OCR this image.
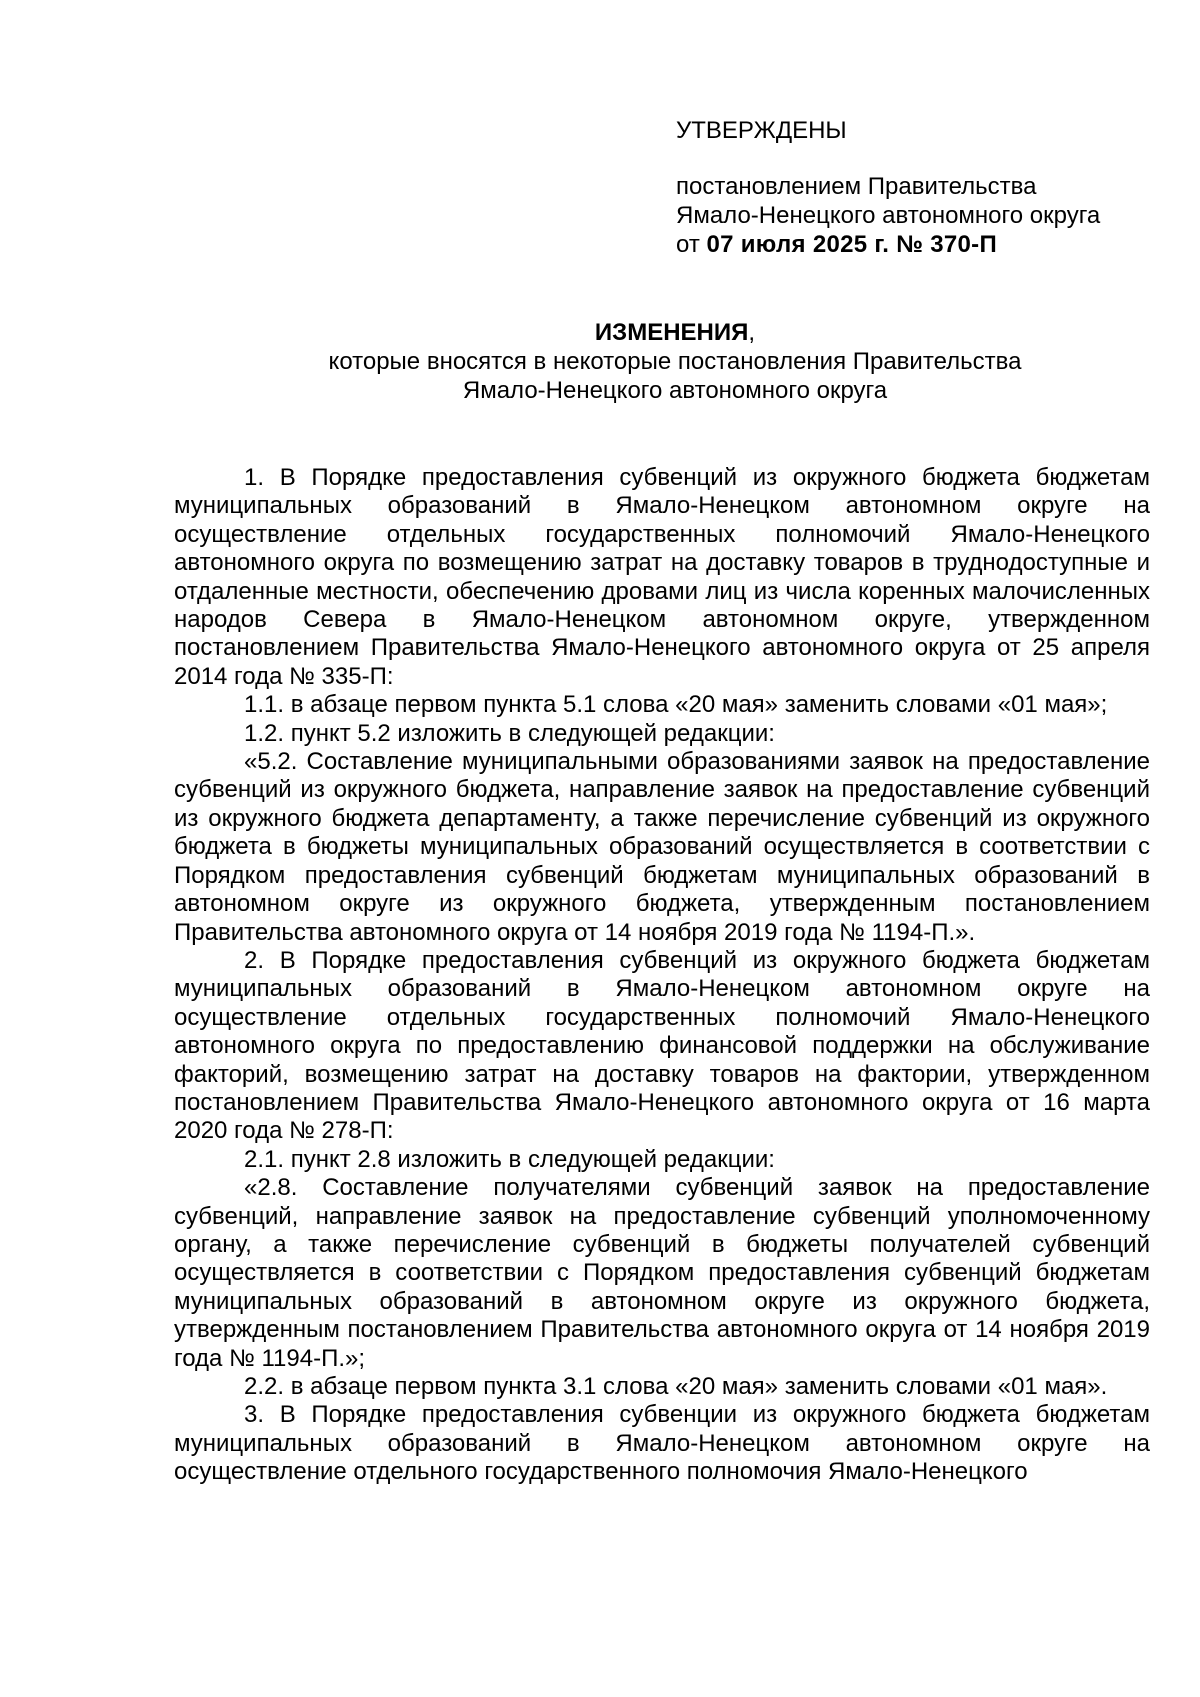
УТВЕРЖДЕНЫ
постановлением Правительства
Ямало-Ненецкого автономного округа
от 07 июля 2025 г. № 370-П
ИЗМЕНЕНИЯ,
которые вносятся в некоторые постановления Правительства
Ямало-Ненецкого автономного округа

1. В Порядке предоставления субвенций из окружного бюджета бюджетам муниципальных образований в Ямало-Ненецком автономном округе на осуществление отдельных государственных полномочий Ямало-Ненецкого автономного округа по возмещению затрат на доставку товаров в труднодоступные и отдаленные местности, обеспечению дровами лиц из числа коренных малочисленных народов Севера в Ямало-Ненецком автономном округе, утвержденном постановлением Правительства Ямало-Ненецкого автономного округа от 25 апреля 2014 года № 335-П:

1.1. в абзаце первом пункта 5.1 слова «20 мая» заменить словами «01 мая»;

1.2. пункт 5.2 изложить в следующей редакции:

«5.2. Составление муниципальными образованиями заявок на предоставление субвенций из окружного бюджета, направление заявок на предоставление субвенций из окружного бюджета департаменту, а также перечисление субвенций из окружного бюджета в бюджеты муниципальных образований осуществляется в соответствии с Порядком предоставления субвенций бюджетам муниципальных образований в автономном округе из окружного бюджета, утвержденным постановлением Правительства автономного округа от 14 ноября 2019 года № 1194-П.».

2. В Порядке предоставления субвенций из окружного бюджета бюджетам муниципальных образований в Ямало-Ненецком автономном округе на осуществление отдельных государственных полномочий Ямало-Ненецкого автономного округа по предоставлению финансовой поддержки на обслуживание факторий, возмещению затрат на доставку товаров на фактории, утвержденном постановлением Правительства Ямало-Ненецкого автономного округа от 16 марта 2020 года № 278-П:

2.1. пункт 2.8 изложить в следующей редакции:

«2.8. Составление получателями субвенций заявок на предоставление субвенций, направление заявок на предоставление субвенций уполномоченному органу, а также перечисление субвенций в бюджеты получателей субвенций осуществляется в соответствии с Порядком предоставления субвенций бюджетам муниципальных образований в автономном округе из окружного бюджета, утвержденным постановлением Правительства автономного округа от 14 ноября 2019 года № 1194-П.»;

2.2. в абзаце первом пункта 3.1 слова «20 мая» заменить словами «01 мая».

3. В Порядке предоставления субвенции из окружного бюджета бюджетам муниципальных образований в Ямало-Ненецком автономном округе на осуществление отдельного государственного полномочия Ямало-Ненецкого
